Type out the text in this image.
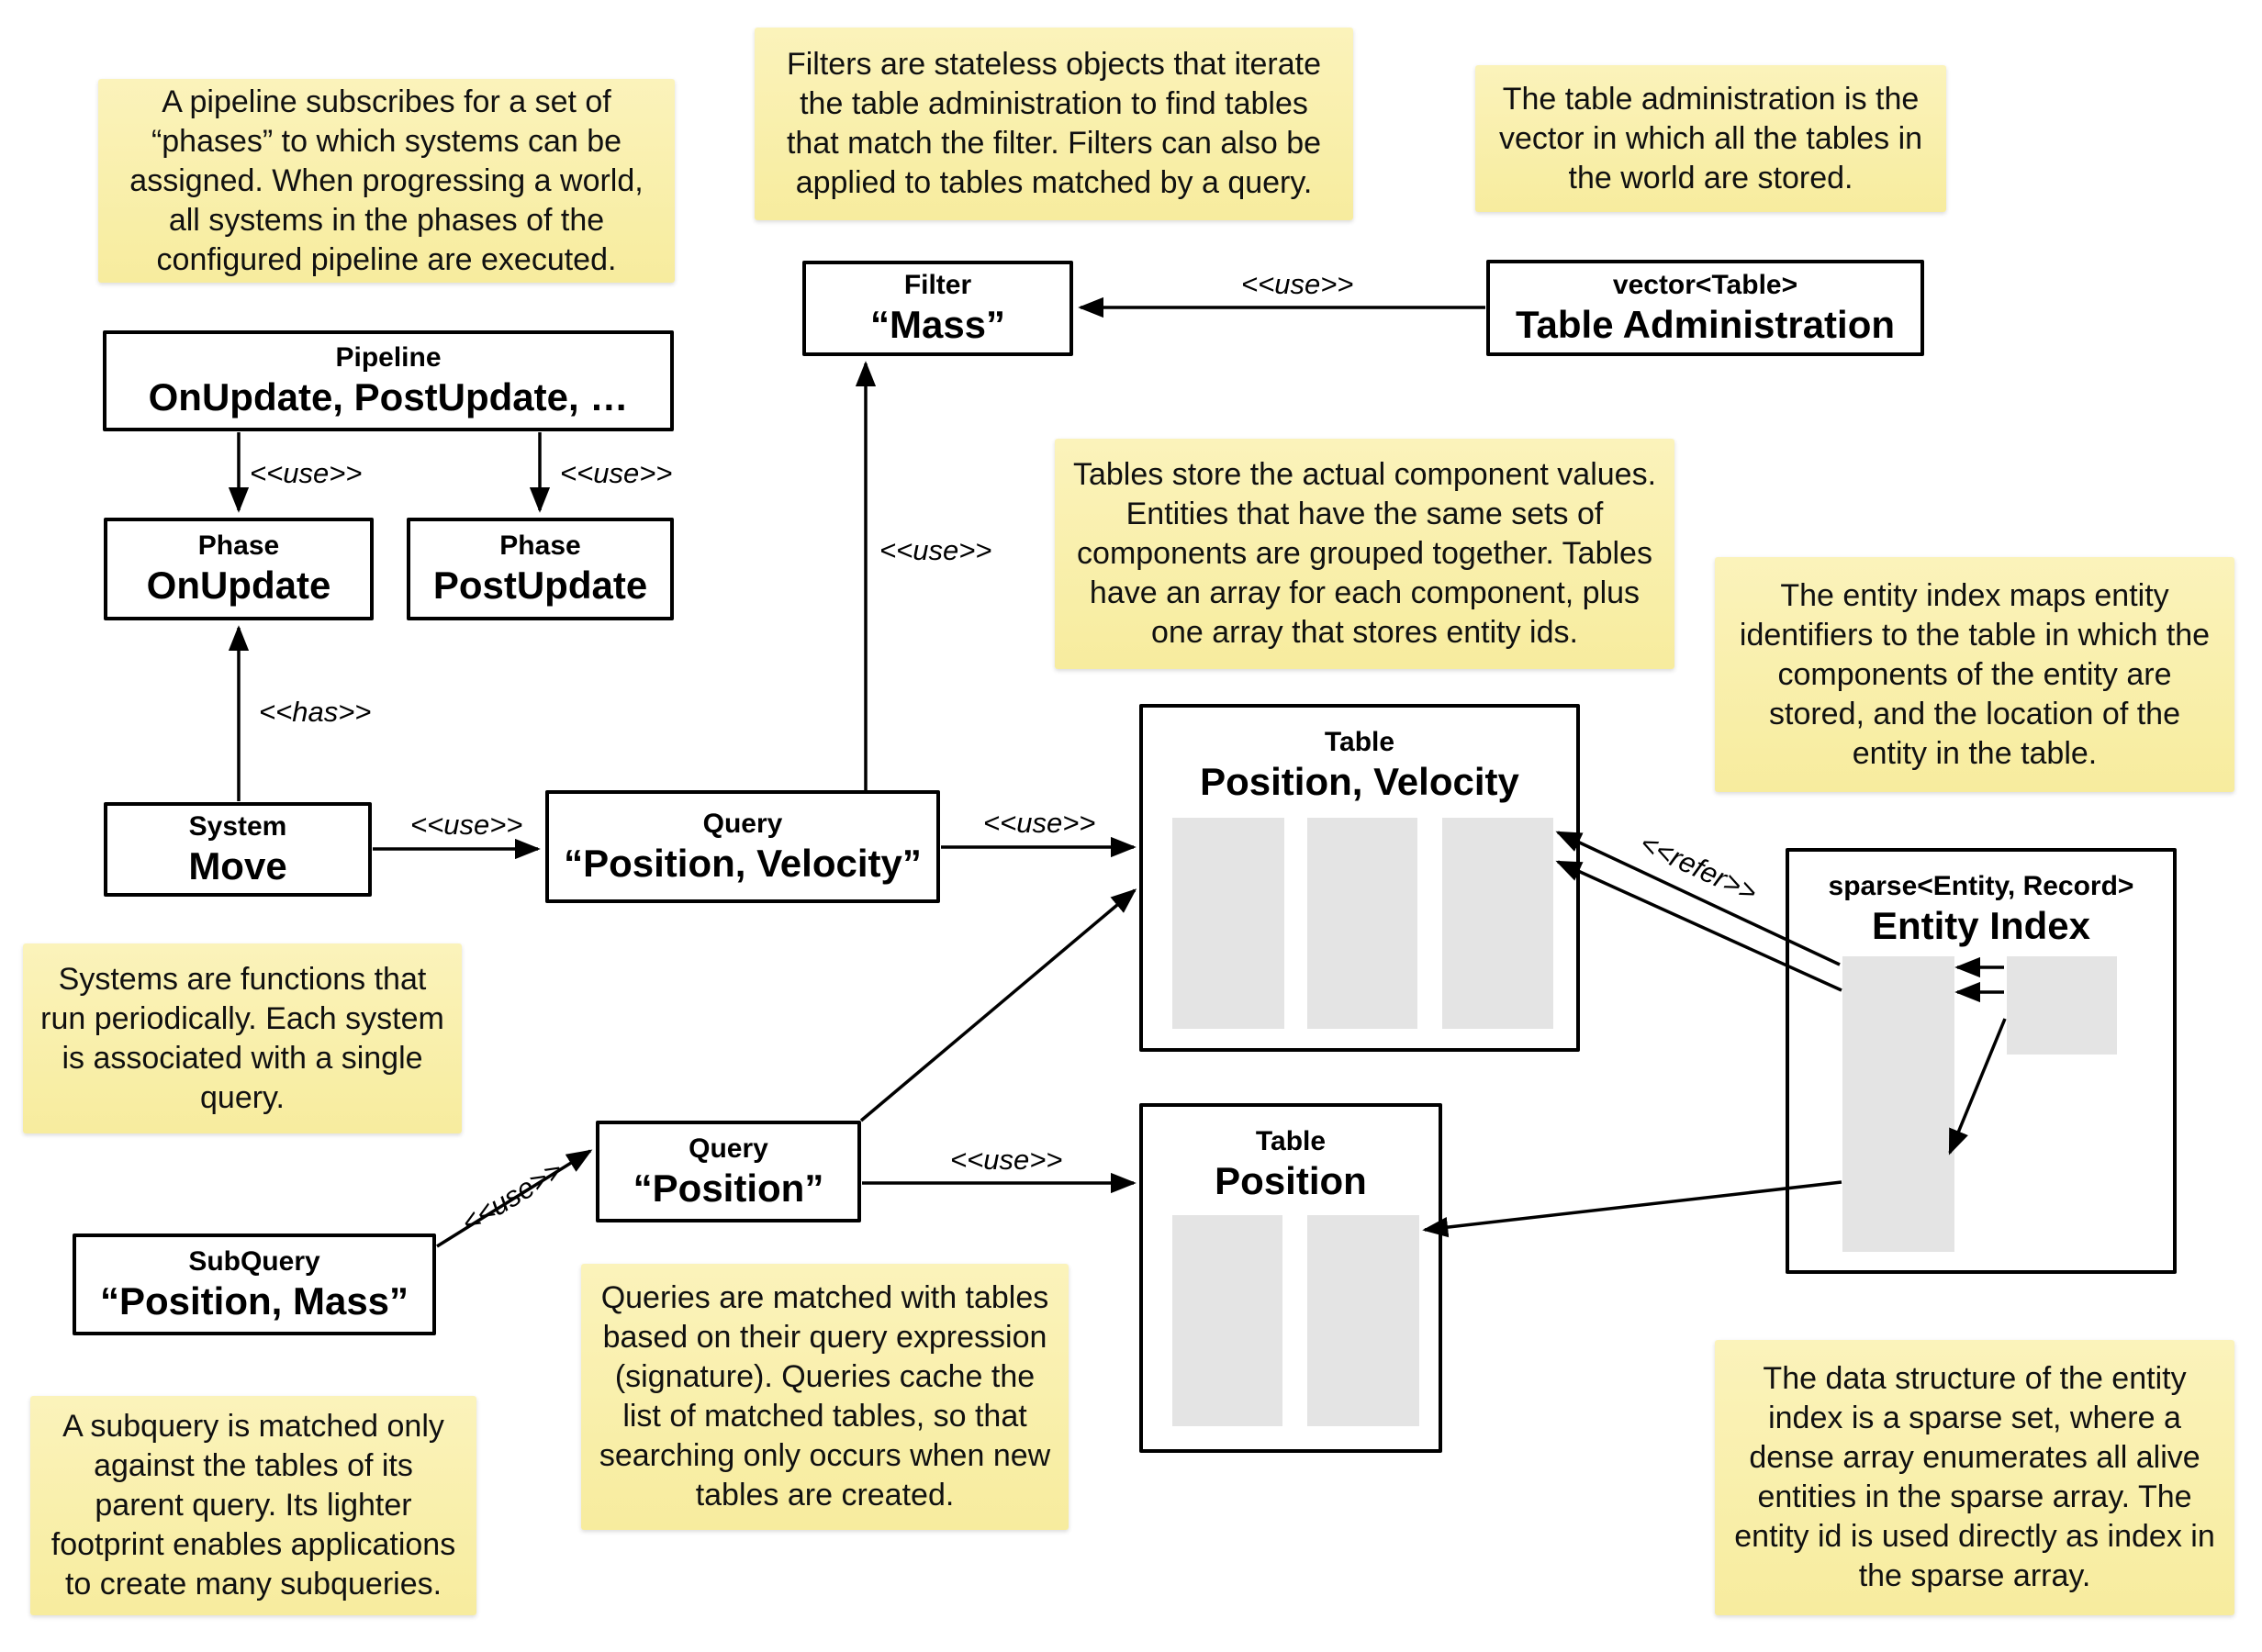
A pipeline subscribes for a set of “phases” to which systems can be assigned. When progressing a world, all systems in the phases of the configured pipeline are executed.
Filters are stateless objects that iterate the table administration to find tables that match the filter. Filters can also be applied to tables matched by a query.
The table administration is the vector in which all the tables in the world are stored.
Tables store the actual component values. Entities that have the same sets of components are grouped together. Tables have an array for each component, plus one array that stores entity ids.
The entity index maps entity identifiers to the table in which the components of the entity are stored, and the location of the entity in the table.
Systems are functions that run periodically. Each system is associated with a single query.
Queries are matched with tables based on their query expression (signature). Queries cache the list of matched tables, so that searching only occurs when new tables are created.
A subquery is matched only against the tables of its parent query. Its lighter footprint enables applications to create many subqueries.
The data structure of the entity index is a sparse set, where a dense array enumerates all alive entities in the sparse array. The entity id is used directly as index in the sparse array.
Pipeline
OnUpdate, PostUpdate, …
Phase
OnUpdate
Phase
PostUpdate
Filter
“Mass”
vector<Table>
Table Administration
System
Move
Query
“Position, Velocity”
Query
“Position”
SubQuery
“Position, Mass”
Table
Position, Velocity
Table
Position
sparse<Entity, Record>
Entity Index
<<use>>	<<use>>
<<has>>
<<use>>
<<use>>
<<use>>
<<use>>
<<use>>
<<use>>
<<refer>>
